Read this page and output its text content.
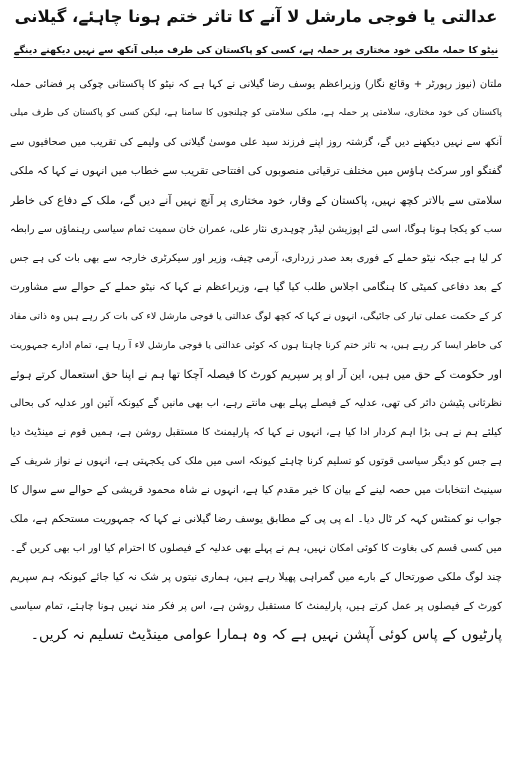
عدالتی یا فوجی مارشل لا آنے کا تاثر ختم ہونا چاہئے، گیلانی
نیٹو کا حملہ ملکی خود مختاری پر حملہ ہے، کسی کو پاکستان کی طرف میلی آنکھ سے نہیں دیکھنے دینگے
ملتان (نیوز رپورٹر + وقائع نگار) وزیراعظم یوسف رضا گیلانی نے کہا ہے کہ نیٹو کا پاکستانی چوکی پر فضائی حملہ
پاکستان کی خود مختاری، سلامتی پر حملہ ہے، ملکی سلامتی کو چیلنجوں کا سامنا ہے، لیکن کسی کو پاکستان کی طرف میلی
آنکھ سے نہیں دیکھنے دیں گے، گزشتہ روز اپنے فرزند سید علی موسیٰ گیلانی کی ولیمے کی تقریب میں صحافیوں سے
گفتگو اور سرکٹ ہاؤس میں مختلف ترقیاتی منصوبوں کی افتتاحی تقریب سے خطاب میں انہوں نے کہا کہ ملکی
سلامتی سے بالاتر کچھ نہیں، پاکستان کے وقار، خود مختاری پر آنچ نہیں آنے دیں گے، ملک کے دفاع کی خاطر
سب کو یکجا ہونا ہوگا، اسی لئے اپوزیشن لیڈر چوہدری نثار علی، عمران خان سمیت تمام سیاسی رہنماؤں سے رابطہ
کر لیا ہے جبکہ نیٹو حملے کے فوری بعد صدر زرداری، آرمی چیف، وزیر اور سیکرٹری خارجہ سے بھی بات کی ہے جس
کے بعد دفاعی کمیٹی کا ہنگامی اجلاس طلب کیا گیا ہے، وزیراعظم نے کہا کہ نیٹو حملے کے حوالے سے مشاورت
کر کے حکمت عملی تیار کی جائیگی، انہوں نے کہا کہ کچھ لوگ عدالتی یا فوجی مارشل لاء کی بات کر رہے ہیں وہ ذاتی مفاد
کی خاطر ایسا کر رہے ہیں، یہ تاثر ختم کرنا چاہتا ہوں کہ کوئی عدالتی یا فوجی مارشل لاء آ رہا ہے، تمام ادارے جمہوریت
اور حکومت کے حق میں ہیں، این آر او پر سپریم کورٹ کا فیصلہ آچکا تھا ہم نے اپنا حق استعمال کرتے ہوئے
نظرثانی پٹیشن دائر کی تھی، عدلیہ کے فیصلے پہلے بھی مانتے رہے، اب بھی مانیں گے کیونکہ آئین اور عدلیہ کی بحالی
کیلئے ہم نے ہی بڑا اہم کردار ادا کیا ہے، انہوں نے کہا کہ پارلیمنٹ کا مستقبل روشن ہے، ہمیں قوم نے مینڈیٹ دیا
ہے جس کو دیگر سیاسی قوتوں کو تسلیم کرنا چاہئے کیونکہ اسی میں ملک کی یکجہتی ہے، انہوں نے نواز شریف کے
سینیٹ انتخابات میں حصہ لینے کے بیان کا خیر مقدم کیا ہے، انہوں نے شاہ محمود قریشی کے حوالے سے سوال کا
جواب نو کمنٹس کہہ کر ٹال دیا۔ اے پی پی کے مطابق یوسف رضا گیلانی نے کہا کہ جمہوریت مستحکم ہے، ملک
میں کسی قسم کی بغاوت کا کوئی امکان نہیں، ہم نے پہلے بھی عدلیہ کے فیصلوں کا احترام کیا اور اب بھی کریں گے۔
چند لوگ ملکی صورتحال کے بارے میں گمراہی پھیلا رہے ہیں، ہماری نیتوں پر شک نہ کیا جائے کیونکہ ہم سپریم
کورٹ کے فیصلوں پر عمل کرتے ہیں، پارلیمنٹ کا مستقبل روشن ہے، اس پر فکر مند نہیں ہونا چاہئے، تمام سیاسی
پارٹیوں کے پاس کوئی آپشن نہیں ہے کہ وہ ہمارا عوامی مینڈیٹ تسلیم نہ کریں۔
